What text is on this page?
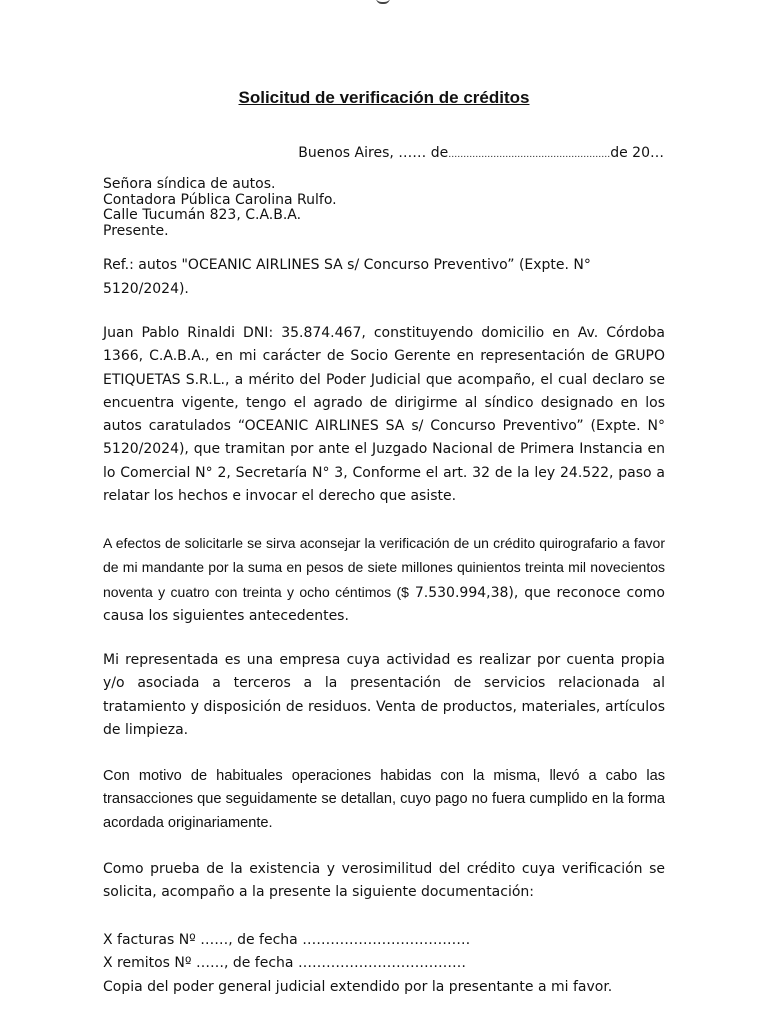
Solicitud de verificación de créditos
Buenos Aires, …… de………………………………………………de 20…
Señora síndica de autos.
Contadora Pública Carolina Rulfo.
Calle Tucumán 823, C.A.B.A.
Presente.
Ref.: autos "OCEANIC AIRLINES SA s/ Concurso Preventivo” (Expte. N° 5120/2024).

Juan Pablo Rinaldi DNI: 35.874.467, constituyendo domicilio en Av. Córdoba 1366, C.A.B.A., en mi carácter de Socio Gerente en representación de GRUPO ETIQUETAS S.R.L., a mérito del Poder Judicial que acompaño, el cual declaro se encuentra vigente, tengo el agrado de dirigirme al síndico designado en los autos caratulados “OCEANIC AIRLINES SA s/ Concurso Preventivo” (Expte. N° 5120/2024), que tramitan por ante el Juzgado Nacional de Primera Instancia en lo Comercial N° 2, Secretaría N° 3, Conforme el art. 32 de la ley 24.522, paso a relatar los hechos e invocar el derecho que asiste.

A efectos de solicitarle se sirva aconsejar la verificación de un crédito quirografario a favor de mi mandante por la suma en pesos de siete millones quinientos treinta mil novecientos noventa y cuatro con treinta y ocho céntimos ($ 7.530.994,38), que reconoce como causa los siguientes antecedentes.

Mi representada es una empresa cuya actividad es realizar por cuenta propia y/o asociada a terceros a la presentación de servicios relacionada al tratamiento y disposición de residuos. Venta de productos, materiales, artículos de limpieza.

Con motivo de habituales operaciones habidas con la misma, llevó a cabo las transacciones que seguidamente se detallan, cuyo pago no fuera cumplido en la forma acordada originariamente.

Como prueba de la existencia y verosimilitud del crédito cuya verificación se solicita, acompaño a la presente la siguiente documentación:

X facturas Nº ……, de fecha ………………………………
X remitos Nº ……, de fecha ………………………………
Copia del poder general judicial extendido por la presentante a mi favor.
